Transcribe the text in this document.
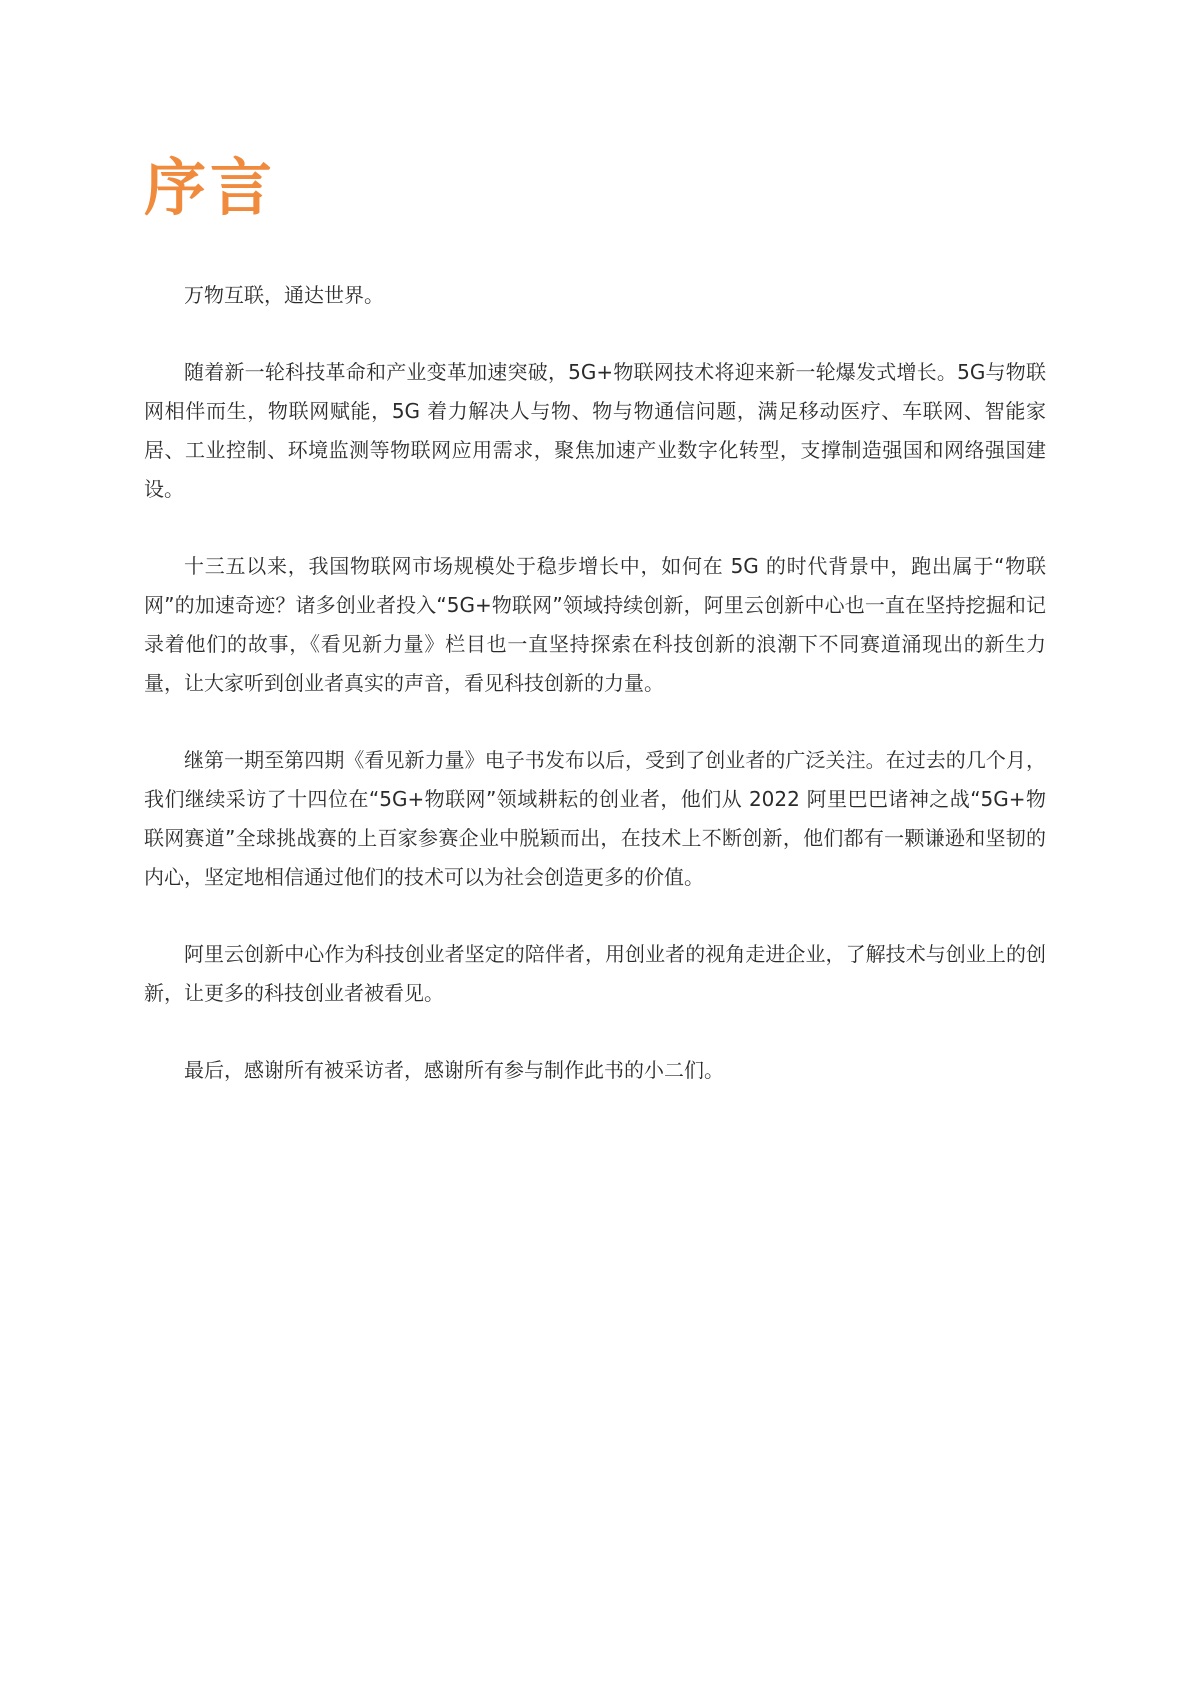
序言

万物互联，通达世界。

随着新一轮科技革命和产业变革加速突破，5G+物联网技术将迎来新一轮爆发式增长。5G与物联网相伴而生，物联网赋能，5G 着力解决人与物、物与物通信问题，满足移动医疗、车联网、智能家居、工业控制、环境监测等物联网应用需求，聚焦加速产业数字化转型，支撑制造强国和网络强国建设。

十三五以来，我国物联网市场规模处于稳步增长中，如何在 5G 的时代背景中，跑出属于“物联网”的加速奇迹？诸多创业者投入“5G+物联网”领域持续创新，阿里云创新中心也一直在坚持挖掘和记录着他们的故事，《看见新力量》栏目也一直坚持探索在科技创新的浪潮下不同赛道涌现出的新生力量，让大家听到创业者真实的声音，看见科技创新的力量。

继第一期至第四期《看见新力量》电子书发布以后，受到了创业者的广泛关注。在过去的几个月，我们继续采访了十四位在“5G+物联网”领域耕耘的创业者，他们从 2022 阿里巴巴诸神之战“5G+物联网赛道”全球挑战赛的上百家参赛企业中脱颖而出，在技术上不断创新，他们都有一颗谦逊和坚韧的内心，坚定地相信通过他们的技术可以为社会创造更多的价值。

阿里云创新中心作为科技创业者坚定的陪伴者，用创业者的视角走进企业，了解技术与创业上的创新，让更多的科技创业者被看见。

最后，感谢所有被采访者，感谢所有参与制作此书的小二们。
